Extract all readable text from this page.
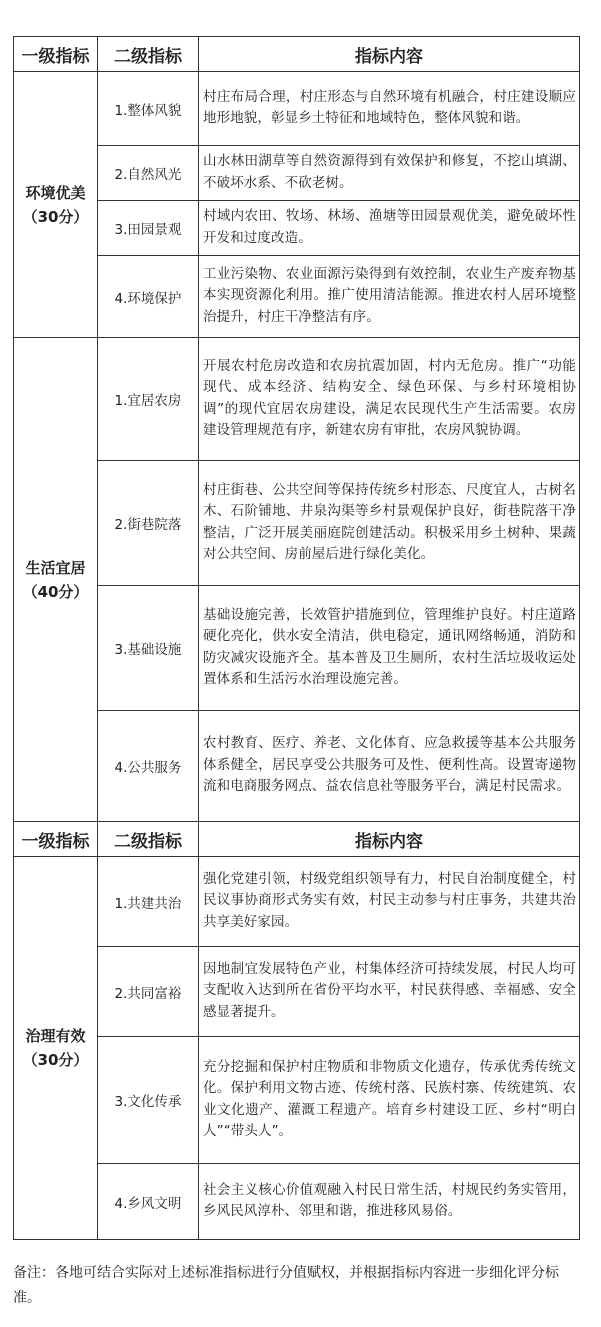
一级指标	二级指标	指标内容

环境优美
（30分）	1.整体风貌	村庄布局合理，村庄形态与自然环境有机融合，村庄建设顺应地形地貌，彰显乡土特征和地域特色，整体风貌和谐。
	2.自然风光	山水林田湖草等自然资源得到有效保护和修复，不挖山填湖、不破坏水系、不砍老树。
	3.田园景观	村域内农田、牧场、林场、渔塘等田园景观优美，避免破坏性开发和过度改造。
	4.环境保护	工业污染物、农业面源污染得到有效控制，农业生产废弃物基本实现资源化利用。推广使用清洁能源。推进农村人居环境整治提升，村庄干净整洁有序。

生活宜居
（40分）	1.宜居农房	开展农村危房改造和农房抗震加固，村内无危房。推广“功能现代、成本经济、结构安全、绿色环保、与乡村环境相协调”的现代宜居农房建设，满足农民现代生产生活需要。农房建设管理规范有序，新建农房有审批，农房风貌协调。
	2.街巷院落	村庄街巷、公共空间等保持传统乡村形态、尺度宜人，古树名木、石阶铺地、井泉沟渠等乡村景观保护良好，街巷院落干净整洁，广泛开展美丽庭院创建活动。积极采用乡土树种、果蔬对公共空间、房前屋后进行绿化美化。
	3.基础设施	基础设施完善，长效管护措施到位，管理维护良好。村庄道路硬化亮化，供水安全清洁，供电稳定，通讯网络畅通，消防和防灾减灾设施齐全。基本普及卫生厕所，农村生活垃圾收运处置体系和生活污水治理设施完善。
	4.公共服务	农村教育、医疗、养老、文化体育、应急救援等基本公共服务体系健全，居民享受公共服务可及性、便利性高。设置寄递物流和电商服务网点、益农信息社等服务平台，满足村民需求。
一级指标	二级指标	指标内容

治理有效
（30分）	1.共建共治	强化党建引领，村级党组织领导有力，村民自治制度健全，村民议事协商形式务实有效，村民主动参与村庄事务，共建共治共享美好家园。
	2.共同富裕	因地制宜发展特色产业，村集体经济可持续发展，村民人均可支配收入达到所在省份平均水平，村民获得感、幸福感、安全感显著提升。
	3.文化传承	充分挖掘和保护村庄物质和非物质文化遗存，传承优秀传统文化。保护利用文物古迹、传统村落、民族村寨、传统建筑、农业文化遗产、灌溉工程遗产。培育乡村建设工匠、乡村“明白人”“带头人”。
	4.乡风文明	社会主义核心价值观融入村民日常生活，村规民约务实管用，乡风民风淳朴、邻里和谐，推进移风易俗。
备注：各地可结合实际对上述标准指标进行分值赋权，并根据指标内容进一步细化评分标准。
